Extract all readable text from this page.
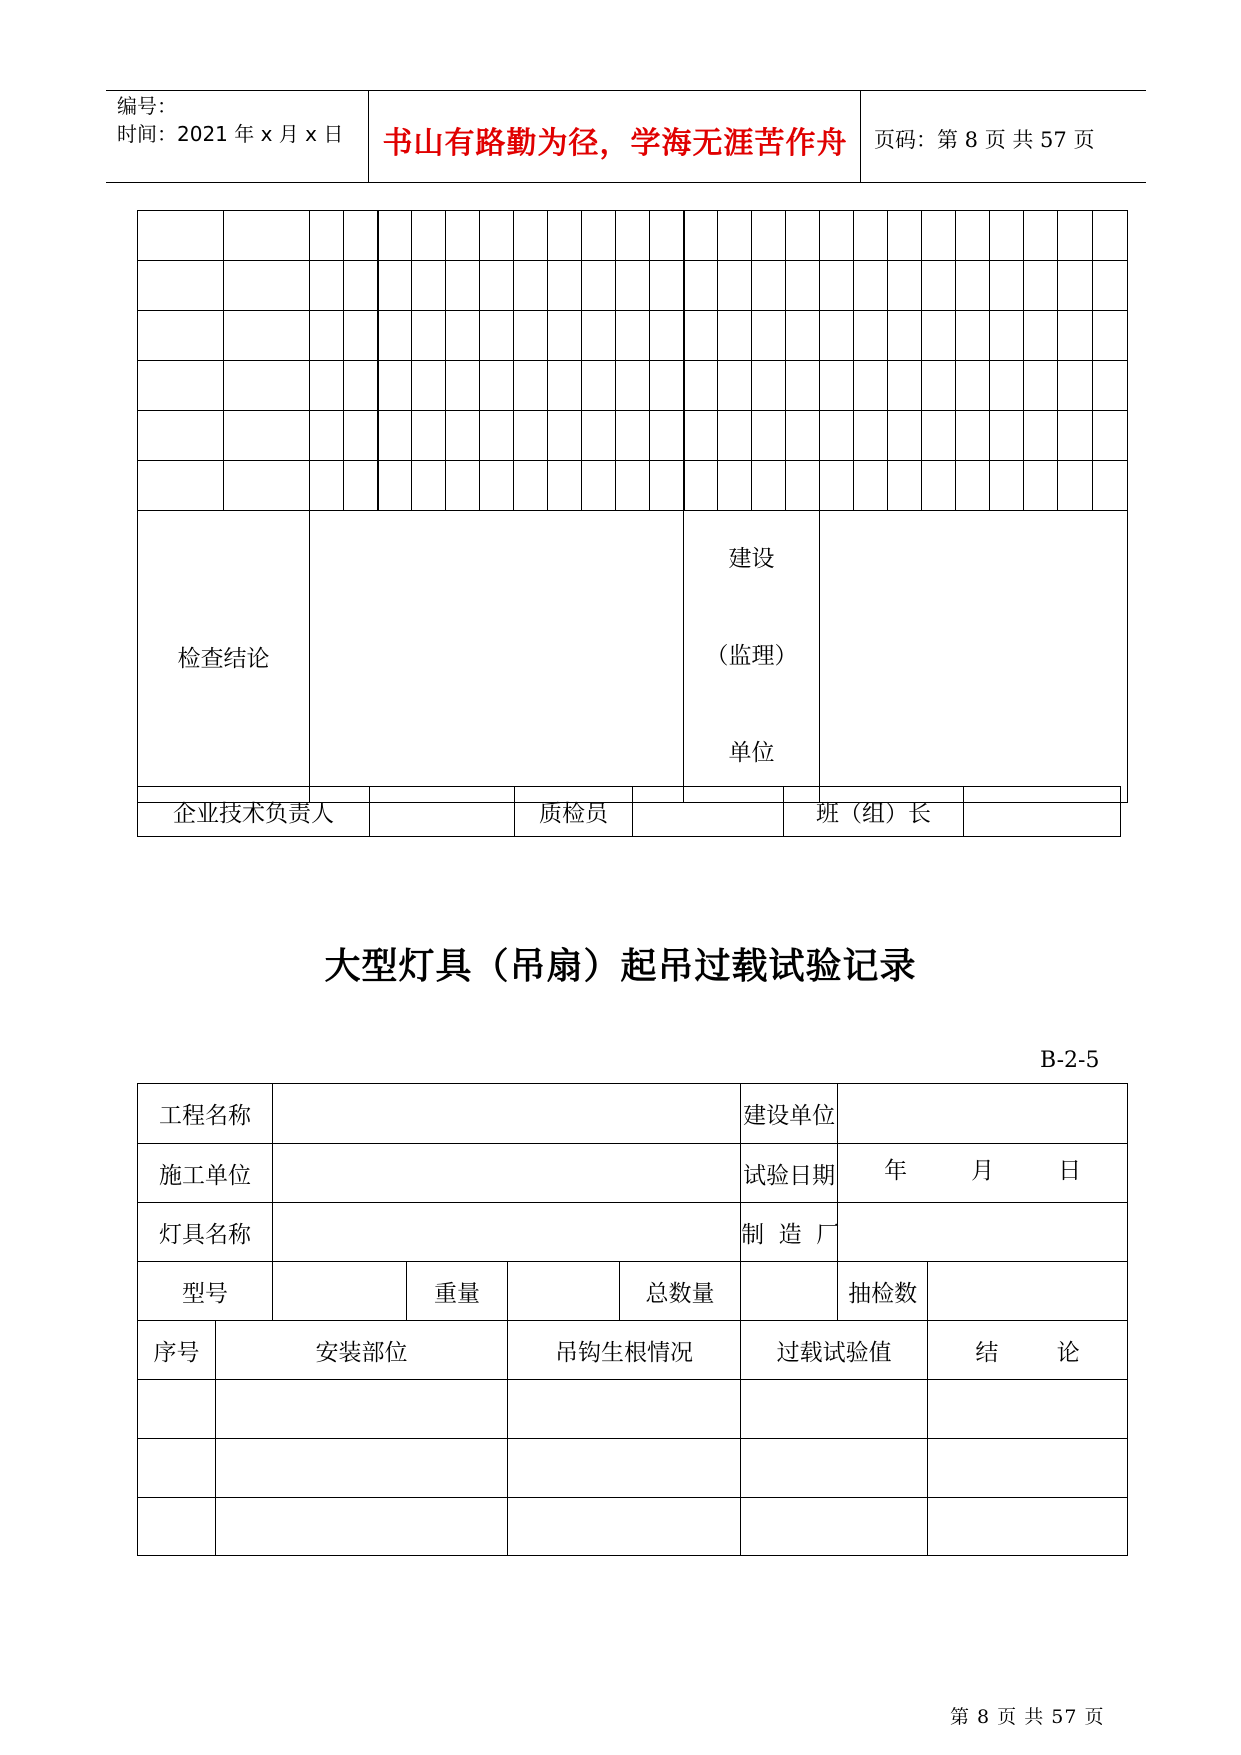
编号：
时间：2021 年 x 月 x 日	书山有路勤为径，学海无涯苦作舟	页码：第 8 页 共 57 页

检查结论													建设
（监理）
单位												

企业技术负责人		质检员		班（组）长	
大型灯具（吊扇）起吊过载试验记录
B-2-5
工程名称						建设单位		
施工单位						试验日期	年 月 日	
灯具名称						制  造  厂		
型号			重量		总数量		抽检数	
序号	安装部位			吊钩生根情况		过载试验值		结        论

第 8 页 共 57 页
